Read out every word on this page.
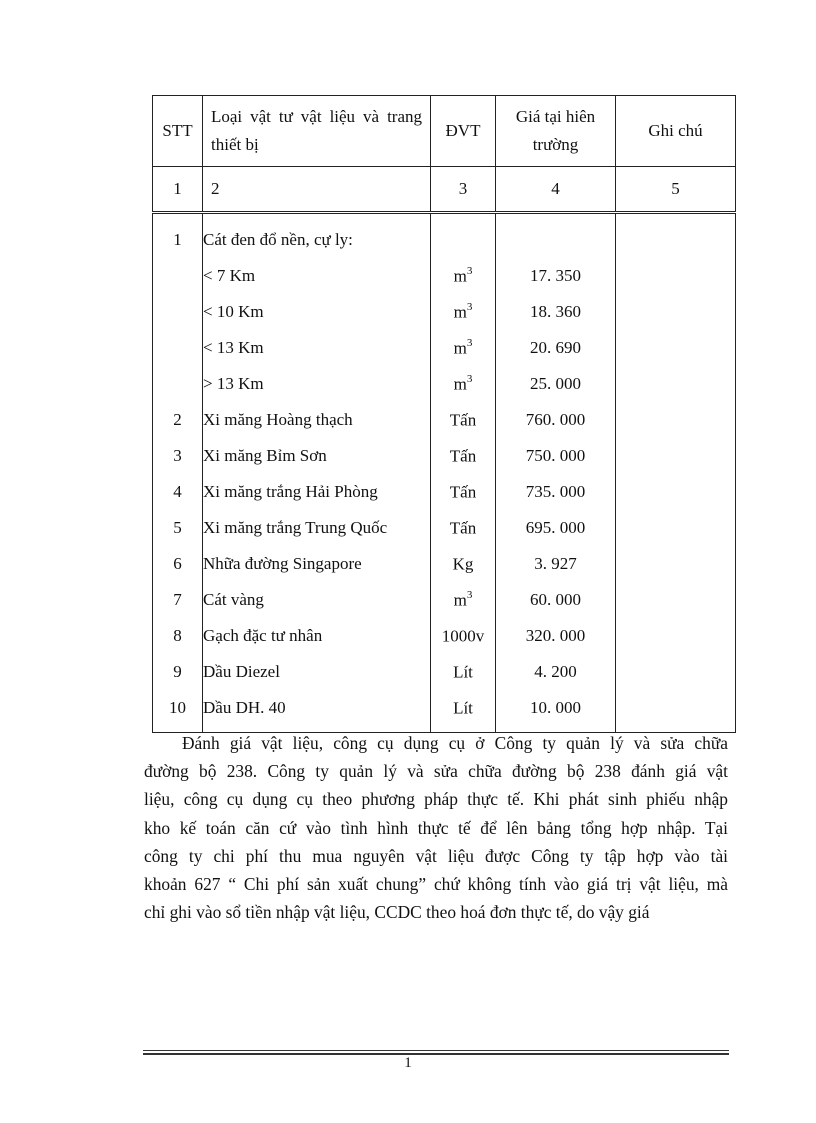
STT	Loại vật tư vật liệu và trang thiết bị	ĐVT	Giá tại hiên trường	Ghi chú
1	2	3	4	5
1	Cát đen đổ nền, cự ly:			
	< 7 Km	$m^3$	17. 350	
	< 10 Km	$m^3$	18. 360	
	< 13 Km	$m^3$	20. 690	
	> 13 Km	$m^3$	25. 000	
2	Xi măng Hoàng thạch	Tấn	760. 000	
3	Xi măng Bỉm Sơn	Tấn	750. 000	
4	Xi măng trắng Hải Phòng	Tấn	735. 000	
5	Xi măng trắng Trung Quốc	Tấn	695. 000	
6	Nhữa đường Singapore	Kg	3. 927	
7	Cát vàng	$m^3$	60. 000	
8	Gạch đặc tư nhân	1000v	320. 000	
9	Dầu Diezel	Lít	4. 200	
10	Dầu DH. 40	Lít	10. 000	

Đánh giá vật liệu, công cụ dụng cụ ở Công ty quản lý và sửa chữa
đường bộ 238. Công ty quản lý và sửa chữa đường bộ 238 đánh giá vật
liệu, công cụ dụng cụ theo phương pháp thực tế. Khi phát sinh phiếu nhập
kho kế toán căn cứ vào tình hình thực tế để lên bảng tổng hợp nhập. Tại
công ty chi phí thu mua nguyên vật liệu được Công ty tập hợp vào tài
khoản 627 “ Chi phí sản xuất chung” chứ không tính vào giá trị vật liệu, mà
chỉ ghi vào sổ tiền nhập vật liệu, CCDC theo hoá đơn thực tế, do vậy giá

1
